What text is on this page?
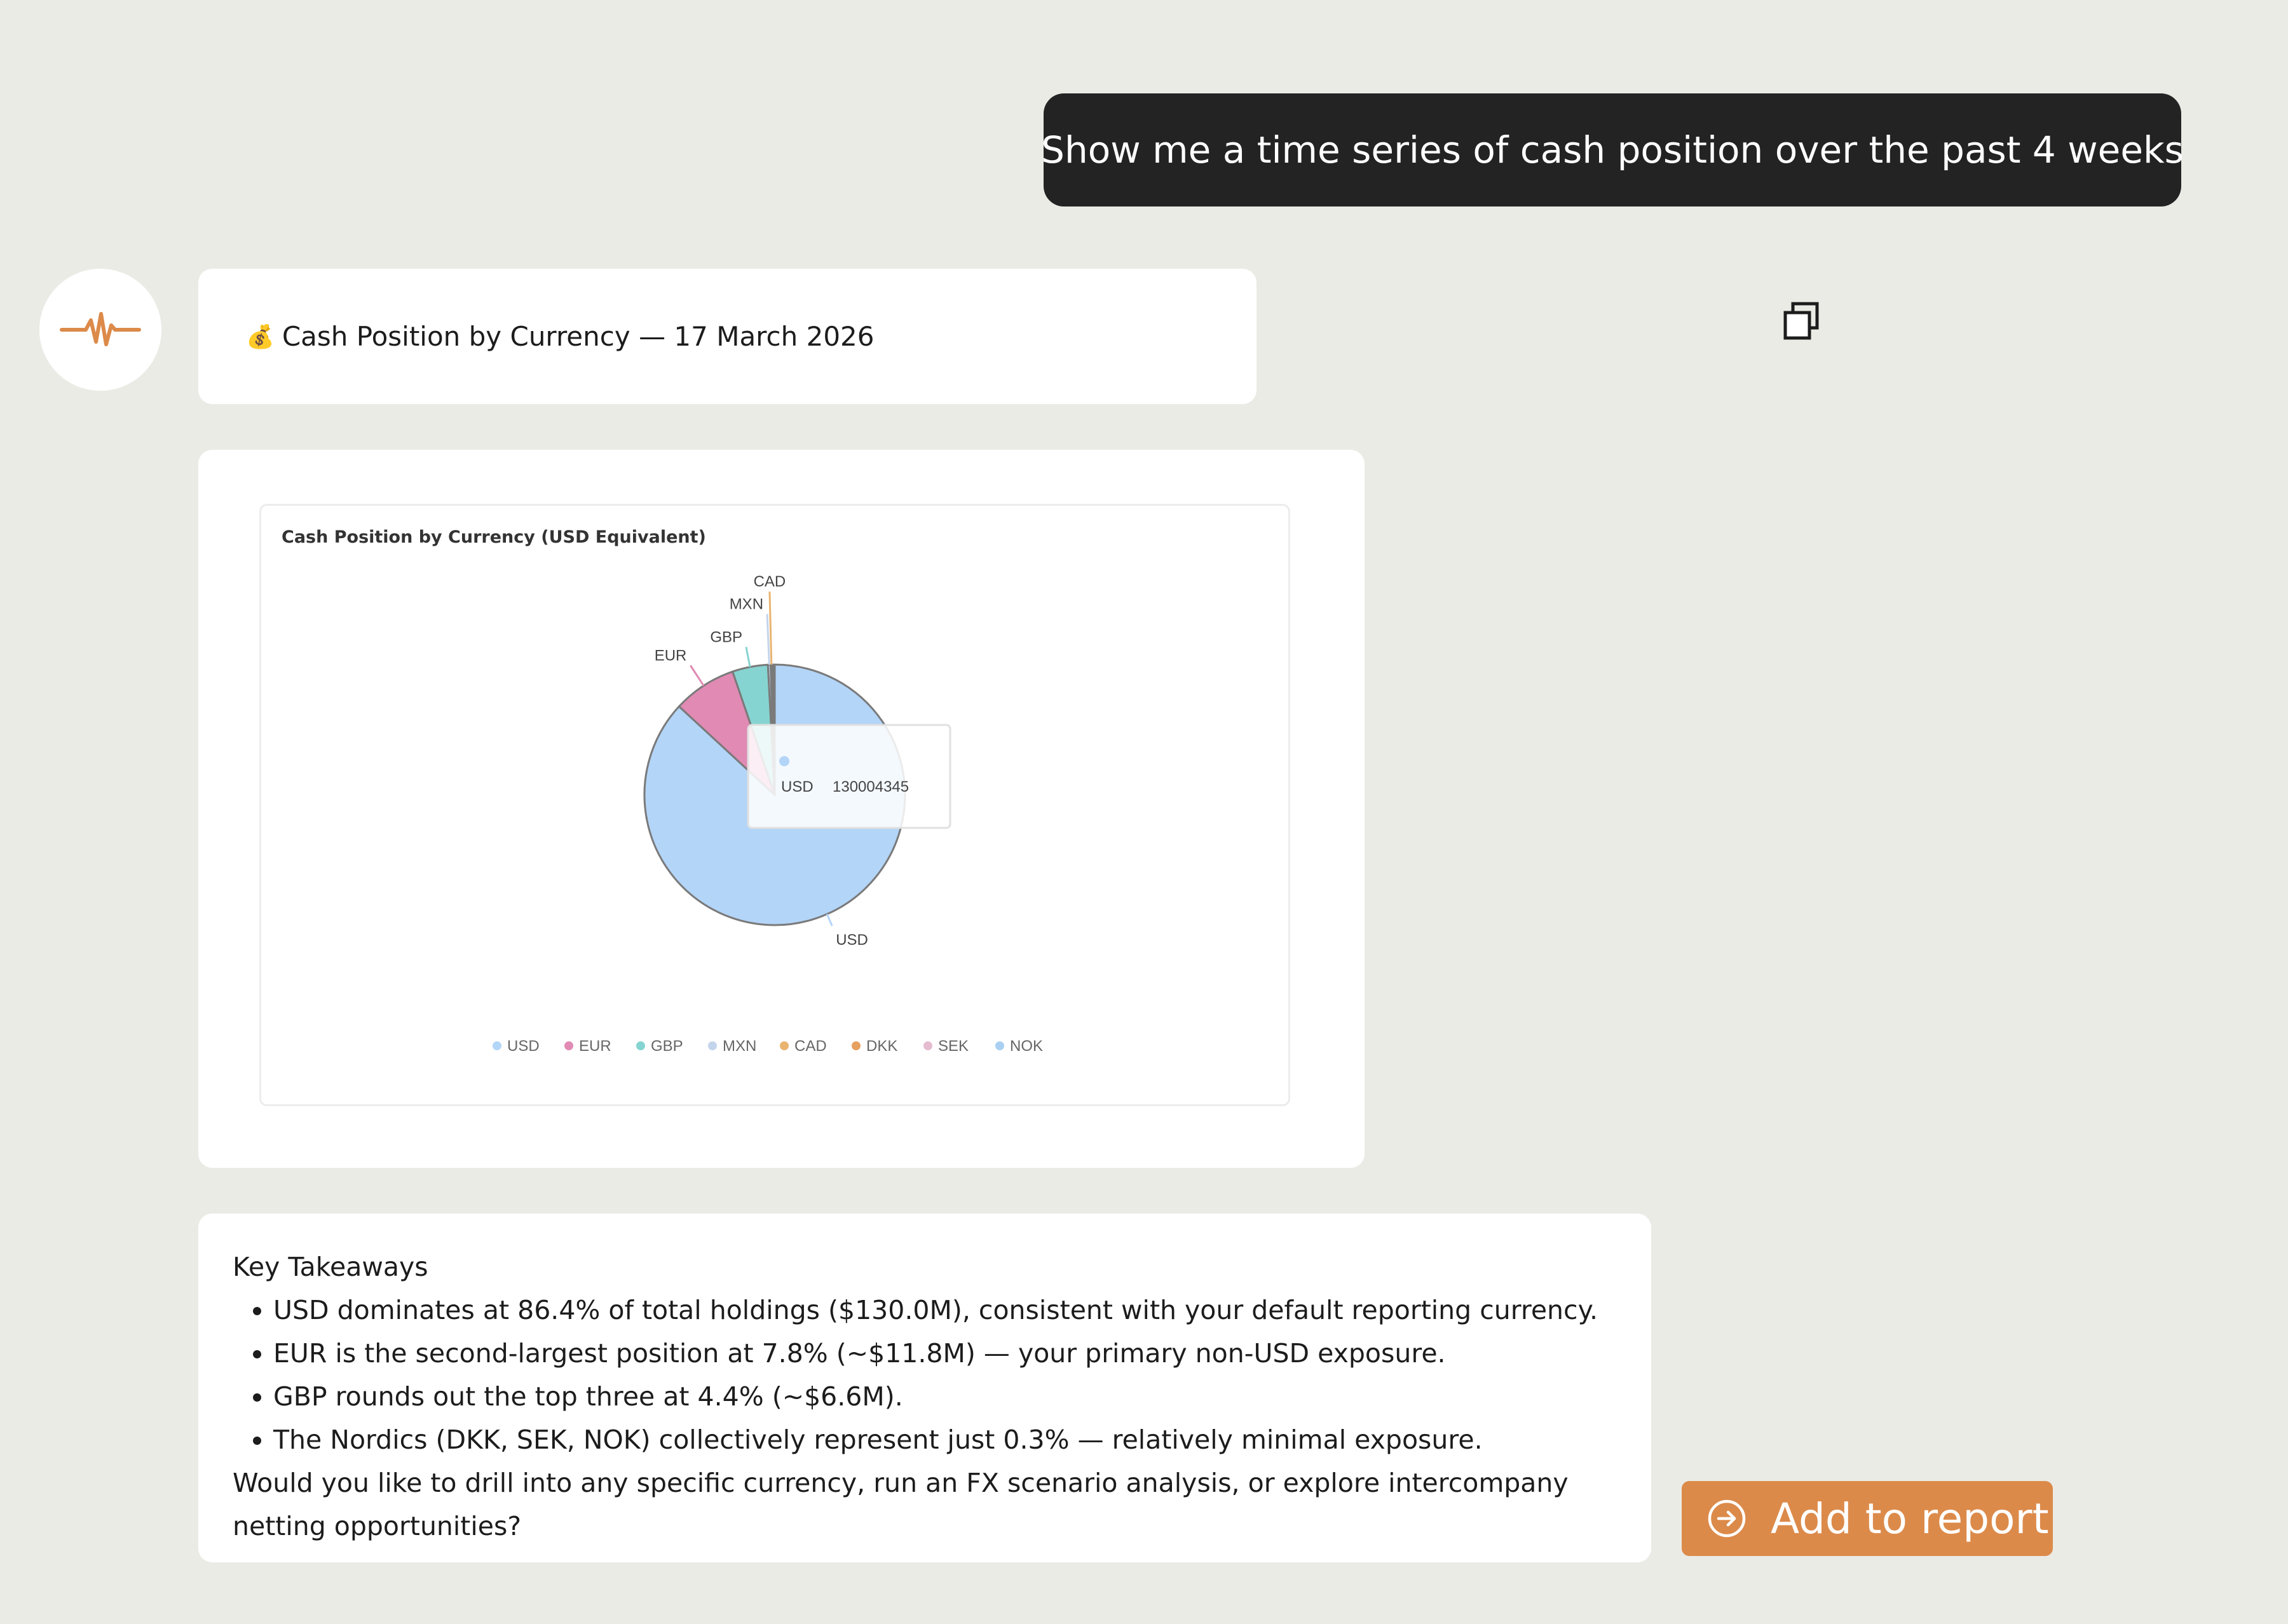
Show me a time series of cash position over the past 4 weeks
💰 Cash Position by Currency — 17 March 2026
Cash Position by Currency (USD Equivalent)
USD
EUR
GBP
MXN
CAD
USD	EUR	GBP	MXN CAD	DKK	SEK	NOK
USD 130004345

Key Takeaways

• USD dominates at 86.4% of total holdings ($130.0M), consistent with your default reporting currency.
• EUR is the second-largest position at 7.8% (~$11.8M) — your primary non-USD exposure.
• GBP rounds out the top three at 4.4% (~$6.6M).
• The Nordics (DKK, SEK, NOK) collectively represent just 0.3% — relatively minimal exposure.

Would you like to drill into any specific currency, run an FX scenario analysis, or explore intercompany netting opportunities?	Add to report
